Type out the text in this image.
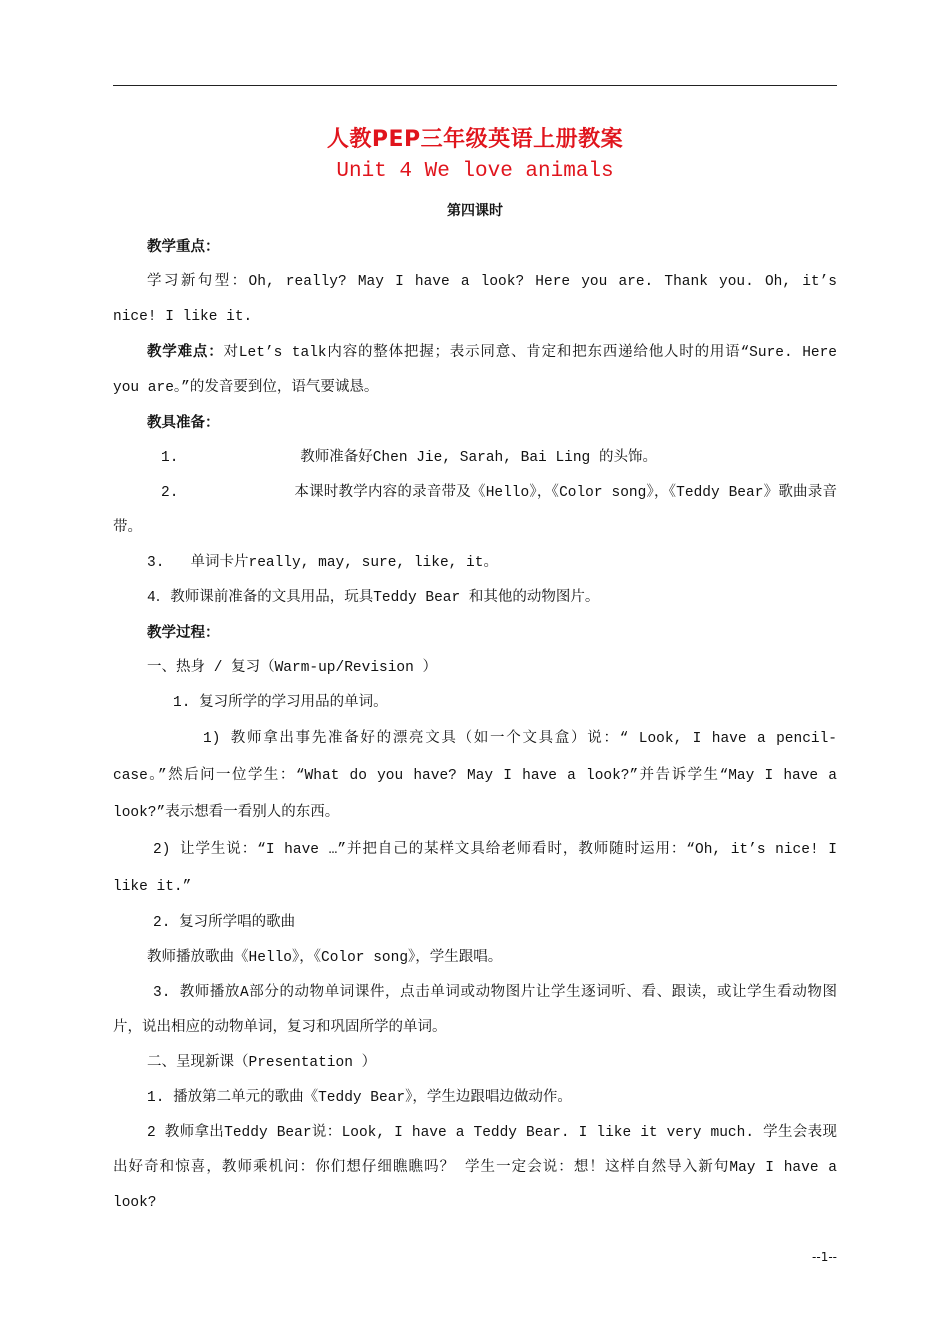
人教PEP三年级英语上册教案
Unit 4 We love animals
第四课时

教学重点：

学习新句型：Oh, really? May I have a look? Here you are. Thank you. Oh, it’s nice! I like it.

教学难点：对Let’s talk内容的整体把握；表示同意、肯定和把东西递给他人时的用语“Sure. Here you are。”的发音要到位，语气要诚恳。

教具准备：

1.              教师准备好Chen Jie, Sarah, Bai Ling 的头饰。

2.             本课时教学内容的录音带及《Hello》，《Color song》，《Teddy Bear》歌曲录音带。

3.   单词卡片really, may, sure, like, it。

4．教师课前准备的文具用品，玩具Teddy Bear 和其他的动物图片。

教学过程：

一、热身 / 复习（Warm-up/Revision ）

1. 复习所学的学习用品的单词。

1) 教师拿出事先准备好的漂亮文具（如一个文具盒）说：“ Look, I have a pencil-case。”然后问一位学生：“What do you have? May I have a look?”并告诉学生“May I have a look?”表示想看一看别人的东西。

2) 让学生说：“I have …”并把自己的某样文具给老师看时，教师随时运用：“Oh, it’s nice! I like it.”

2. 复习所学唱的歌曲

教师播放歌曲《Hello》，《Color song》，学生跟唱。

3. 教师播放A部分的动物单词课件，点击单词或动物图片让学生逐词听、看、跟读，或让学生看动物图片，说出相应的动物单词，复习和巩固所学的单词。

二、呈现新课（Presentation ）

1. 播放第二单元的歌曲《Teddy Bear》，学生边跟唱边做动作。

2 教师拿出Teddy Bear说：Look, I have a Teddy Bear. I like it very much. 学生会表现出好奇和惊喜，教师乘机问：你们想仔细瞧瞧吗？ 学生一定会说：想！这样自然导入新句May I have a look?

--1--
